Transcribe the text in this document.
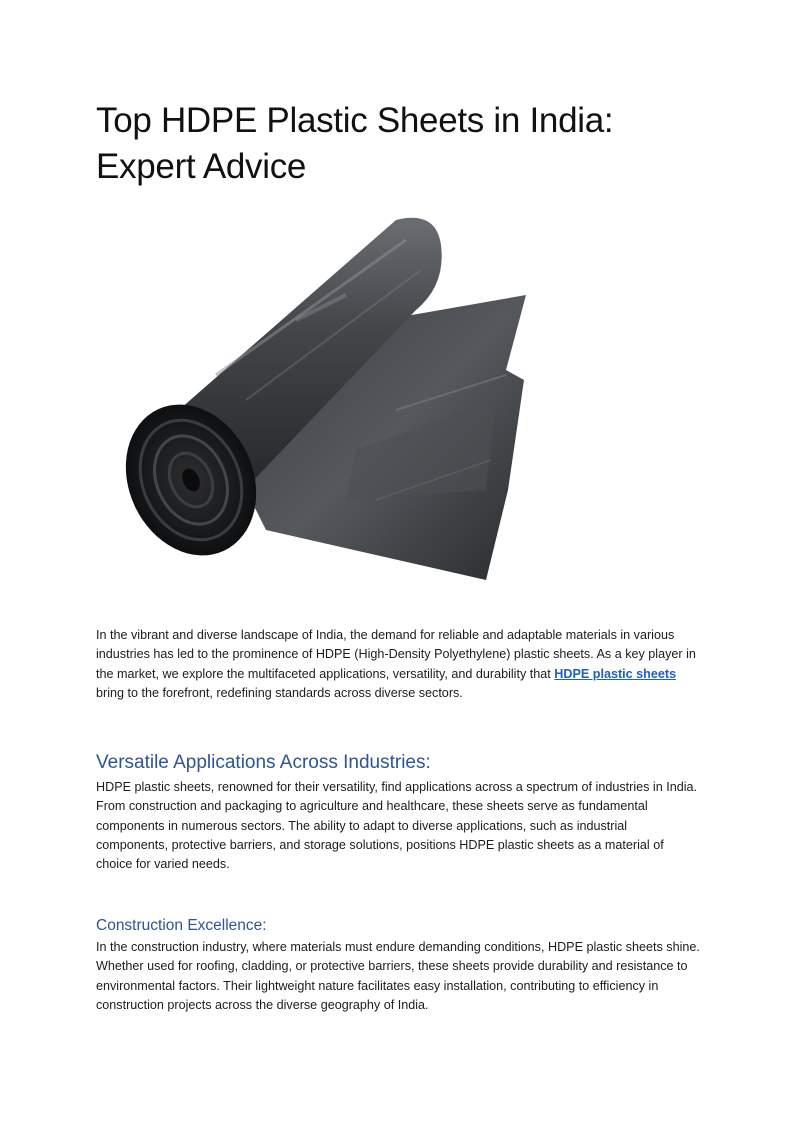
Top HDPE Plastic Sheets in India: Expert Advice

In the vibrant and diverse landscape of India, the demand for reliable and adaptable materials in various industries has led to the prominence of HDPE (High-Density Polyethylene) plastic sheets. As a key player in the market, we explore the multifaceted applications, versatility, and durability that HDPE plastic sheets bring to the forefront, redefining standards across diverse sectors.

Versatile Applications Across Industries:

HDPE plastic sheets, renowned for their versatility, find applications across a spectrum of industries in India. From construction and packaging to agriculture and healthcare, these sheets serve as fundamental components in numerous sectors. The ability to adapt to diverse applications, such as industrial components, protective barriers, and storage solutions, positions HDPE plastic sheets as a material of choice for varied needs.

Construction Excellence:

In the construction industry, where materials must endure demanding conditions, HDPE plastic sheets shine. Whether used for roofing, cladding, or protective barriers, these sheets provide durability and resistance to environmental factors. Their lightweight nature facilitates easy installation, contributing to efficiency in construction projects across the diverse geography of India.
